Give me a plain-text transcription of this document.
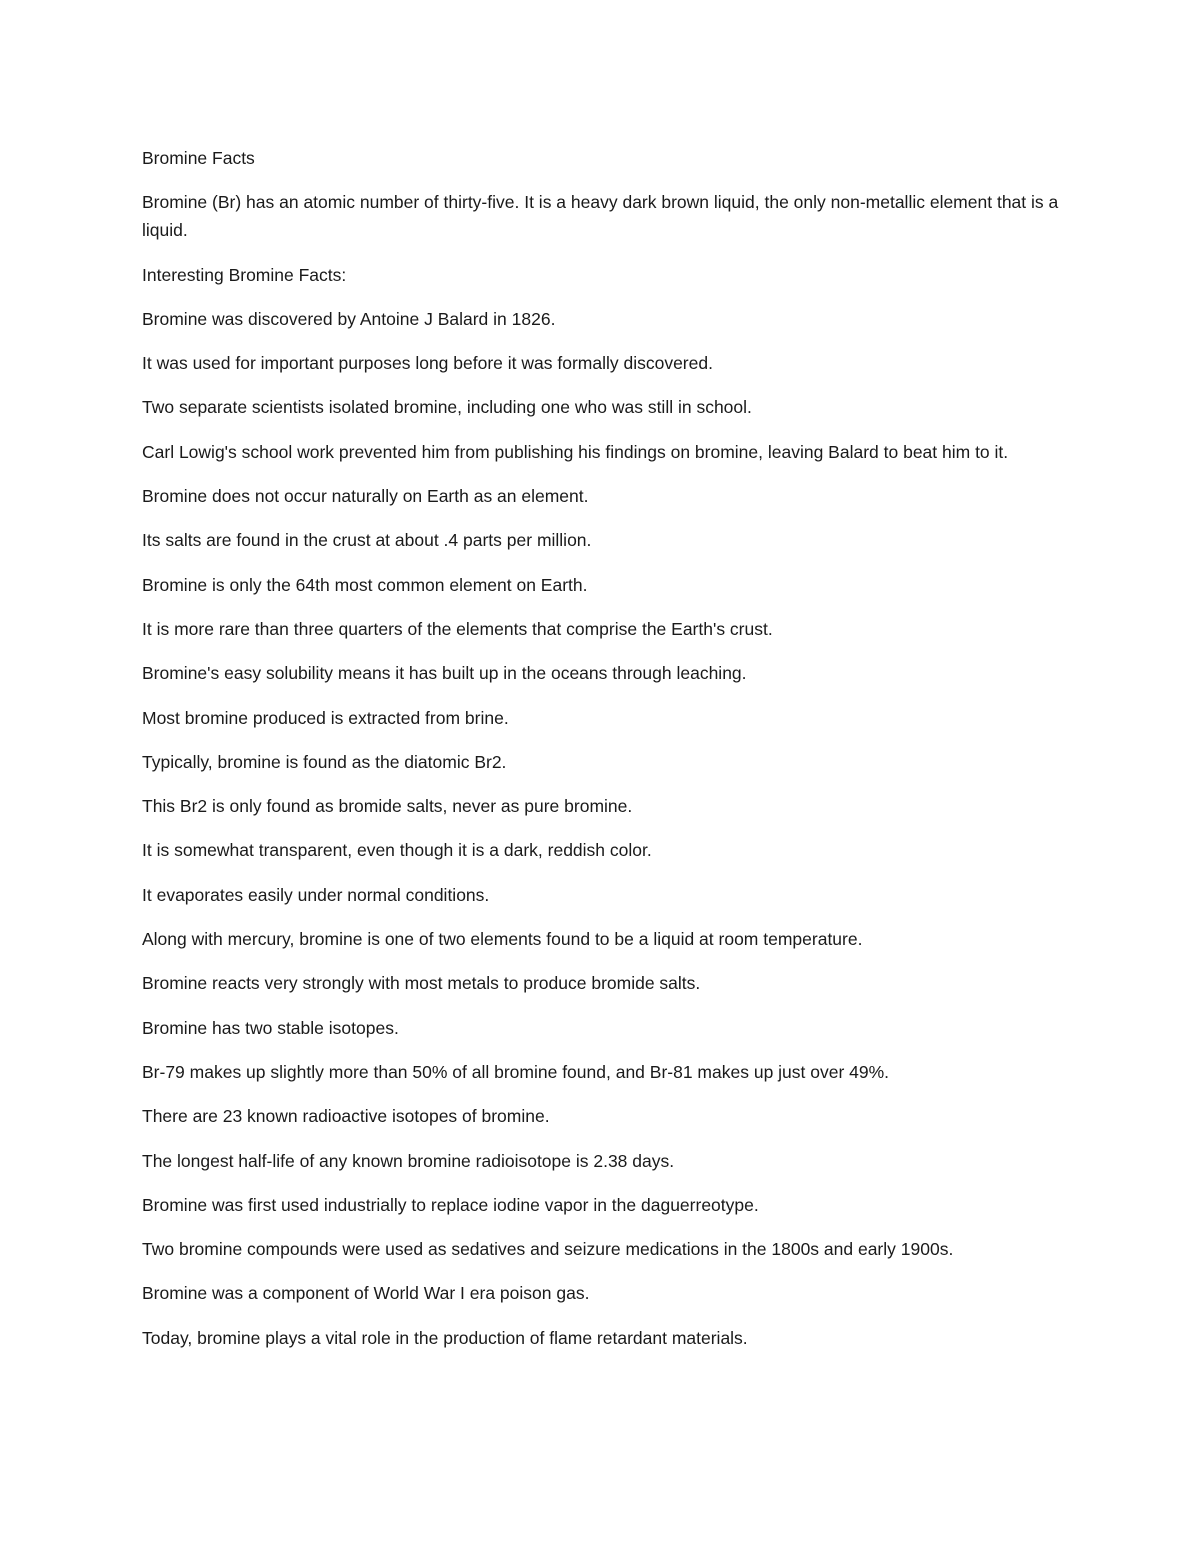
Bromine Facts

Bromine (Br) has an atomic number of thirty-five. It is a heavy dark brown liquid, the only non-metallic element that is a liquid.

Interesting Bromine Facts:

Bromine was discovered by Antoine J Balard in 1826.

It was used for important purposes long before it was formally discovered.

Two separate scientists isolated bromine, including one who was still in school.

Carl Lowig's school work prevented him from publishing his findings on bromine, leaving Balard to beat him to it.

Bromine does not occur naturally on Earth as an element.

Its salts are found in the crust at about .4 parts per million.

Bromine is only the 64th most common element on Earth.

It is more rare than three quarters of the elements that comprise the Earth's crust.

Bromine's easy solubility means it has built up in the oceans through leaching.

Most bromine produced is extracted from brine.

Typically, bromine is found as the diatomic Br2.

This Br2 is only found as bromide salts, never as pure bromine.

It is somewhat transparent, even though it is a dark, reddish color.

It evaporates easily under normal conditions.

Along with mercury, bromine is one of two elements found to be a liquid at room temperature.

Bromine reacts very strongly with most metals to produce bromide salts.

Bromine has two stable isotopes.

Br-79 makes up slightly more than 50% of all bromine found, and Br-81 makes up just over 49%.

There are 23 known radioactive isotopes of bromine.

The longest half-life of any known bromine radioisotope is 2.38 days.

Bromine was first used industrially to replace iodine vapor in the daguerreotype.

Two bromine compounds were used as sedatives and seizure medications in the 1800s and early 1900s.

Bromine was a component of World War I era poison gas.

Today, bromine plays a vital role in the production of flame retardant materials.
